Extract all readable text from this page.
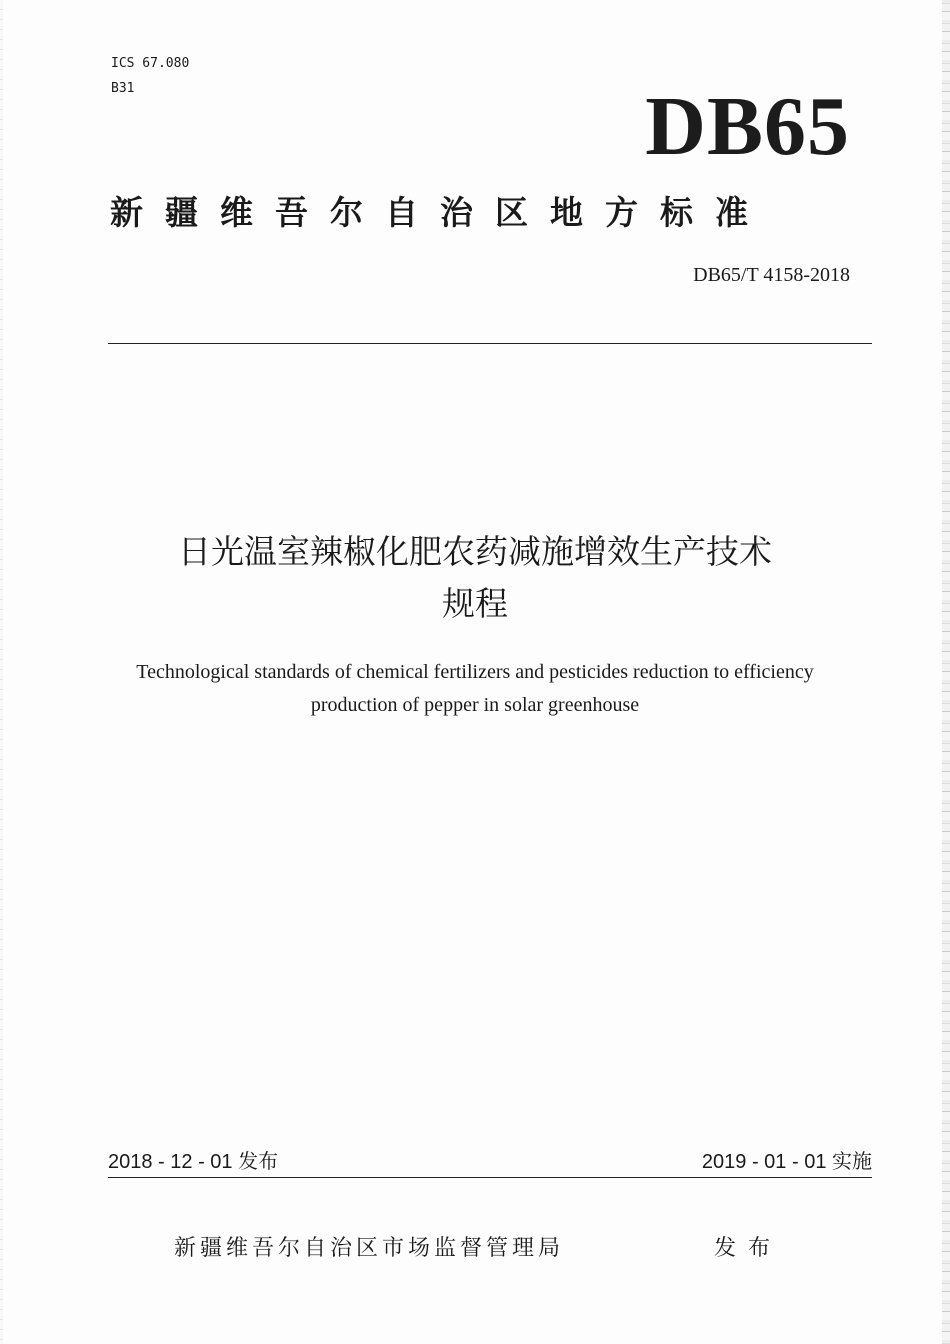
ICS 67.080
B31	DB65
新疆维吾尔自治区地方标准
DB65/T 4158-2018
日光温室辣椒化肥农药减施增效生产技术
规程
Technological standards of chemical fertilizers and pesticides reduction to efficiency
production of pepper in solar greenhouse
2018 - 12 - 01 发布	2019 - 01 - 01 实施
新疆维吾尔自治区市场监督管理局	发布
